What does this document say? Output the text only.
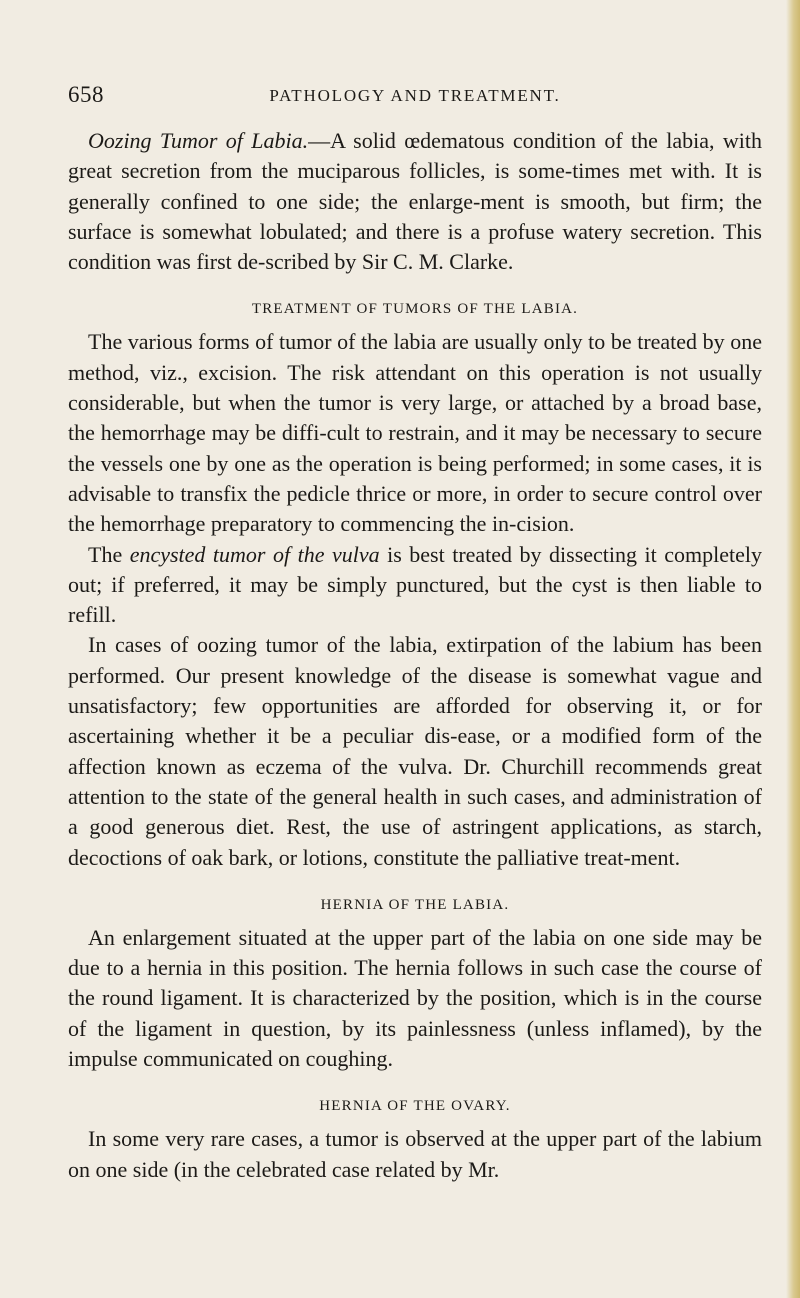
658	PATHOLOGY AND TREATMENT.

Oozing Tumor of Labia.—A solid œdematous condition of the labia, with great secretion from the muciparous follicles, is some-times met with. It is generally confined to one side; the enlarge-ment is smooth, but firm; the surface is somewhat lobulated; and there is a profuse watery secretion. This condition was first de-scribed by Sir C. M. Clarke.

TREATMENT OF TUMORS OF THE LABIA.

The various forms of tumor of the labia are usually only to be treated by one method, viz., excision. The risk attendant on this operation is not usually considerable, but when the tumor is very large, or attached by a broad base, the hemorrhage may be diffi-cult to restrain, and it may be necessary to secure the vessels one by one as the operation is being performed; in some cases, it is advisable to transfix the pedicle thrice or more, in order to secure control over the hemorrhage preparatory to commencing the in-cision.

The encysted tumor of the vulva is best treated by dissecting it completely out; if preferred, it may be simply punctured, but the cyst is then liable to refill.

In cases of oozing tumor of the labia, extirpation of the labium has been performed. Our present knowledge of the disease is somewhat vague and unsatisfactory; few opportunities are afforded for observing it, or for ascertaining whether it be a peculiar dis-ease, or a modified form of the affection known as eczema of the vulva. Dr. Churchill recommends great attention to the state of the general health in such cases, and administration of a good generous diet. Rest, the use of astringent applications, as starch, decoctions of oak bark, or lotions, constitute the palliative treat-ment.

HERNIA OF THE LABIA.

An enlargement situated at the upper part of the labia on one side may be due to a hernia in this position. The hernia follows in such case the course of the round ligament. It is characterized by the position, which is in the course of the ligament in question, by its painlessness (unless inflamed), by the impulse communicated on coughing.

HERNIA OF THE OVARY.

In some very rare cases, a tumor is observed at the upper part of the labium on one side (in the celebrated case related by Mr.
